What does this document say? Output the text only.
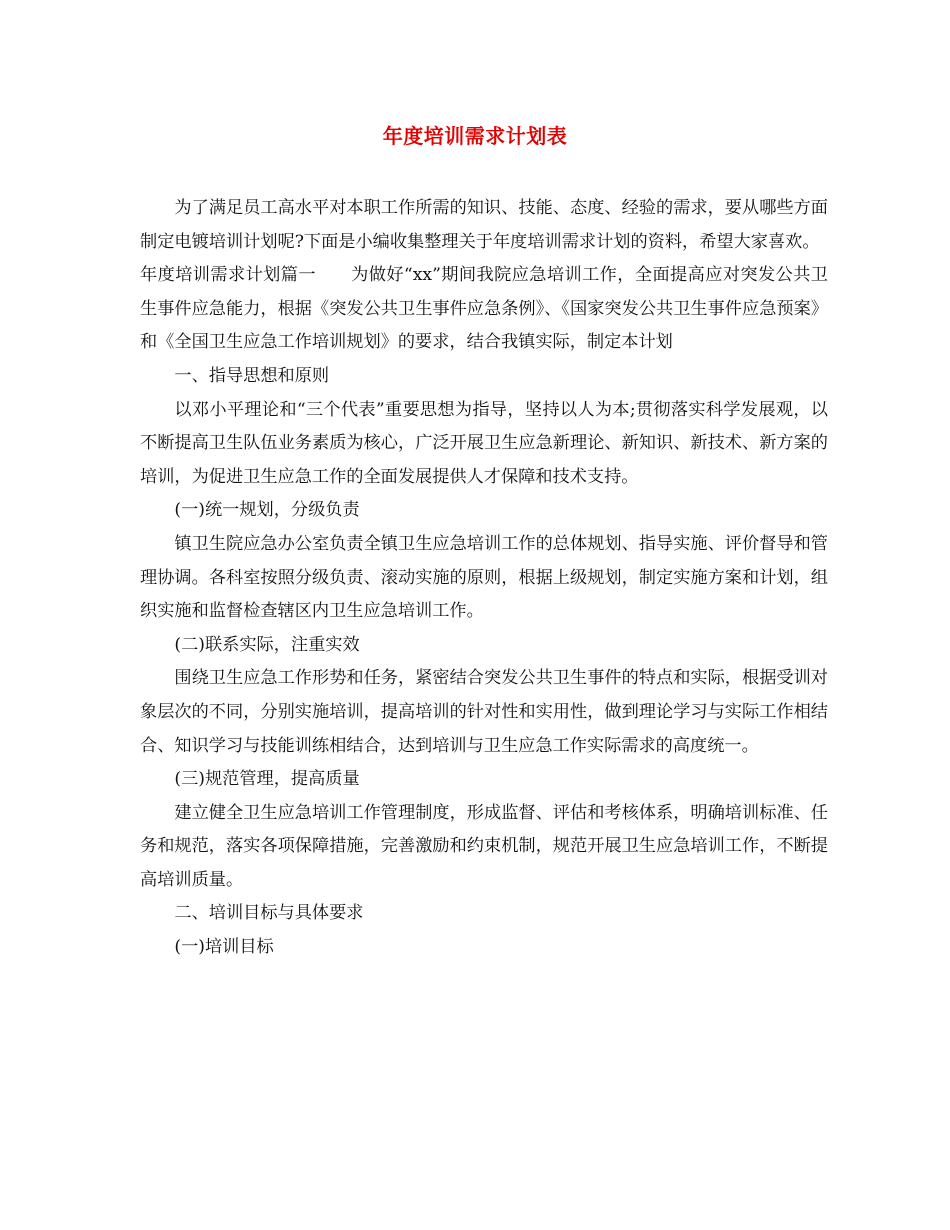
年度培训需求计划表

为了满足员工高水平对本职工作所需的知识、技能、态度、经验的需求，要从哪些方面制定电镀培训计划呢?下面是小编收集整理关于年度培训需求计划的资料，希望大家喜欢。

年度培训需求计划篇一　　为做好“xx”期间我院应急培训工作，全面提高应对突发公共卫生事件应急能力，根据《突发公共卫生事件应急条例》、《国家突发公共卫生事件应急预案》和《全国卫生应急工作培训规划》的要求，结合我镇实际，制定本计划

一、指导思想和原则

以邓小平理论和“三个代表”重要思想为指导，坚持以人为本;贯彻落实科学发展观，以不断提高卫生队伍业务素质为核心，广泛开展卫生应急新理论、新知识、新技术、新方案的培训，为促进卫生应急工作的全面发展提供人才保障和技术支持。

(一)统一规划，分级负责

镇卫生院应急办公室负责全镇卫生应急培训工作的总体规划、指导实施、评价督导和管理协调。各科室按照分级负责、滚动实施的原则，根据上级规划，制定实施方案和计划，组织实施和监督检查辖区内卫生应急培训工作。

(二)联系实际，注重实效

围绕卫生应急工作形势和任务，紧密结合突发公共卫生事件的特点和实际，根据受训对象层次的不同，分别实施培训，提高培训的针对性和实用性，做到理论学习与实际工作相结合、知识学习与技能训练相结合，达到培训与卫生应急工作实际需求的高度统一。

(三)规范管理，提高质量

建立健全卫生应急培训工作管理制度，形成监督、评估和考核体系，明确培训标准、任务和规范，落实各项保障措施，完善激励和约束机制，规范开展卫生应急培训工作，不断提高培训质量。

二、培训目标与具体要求

(一)培训目标
